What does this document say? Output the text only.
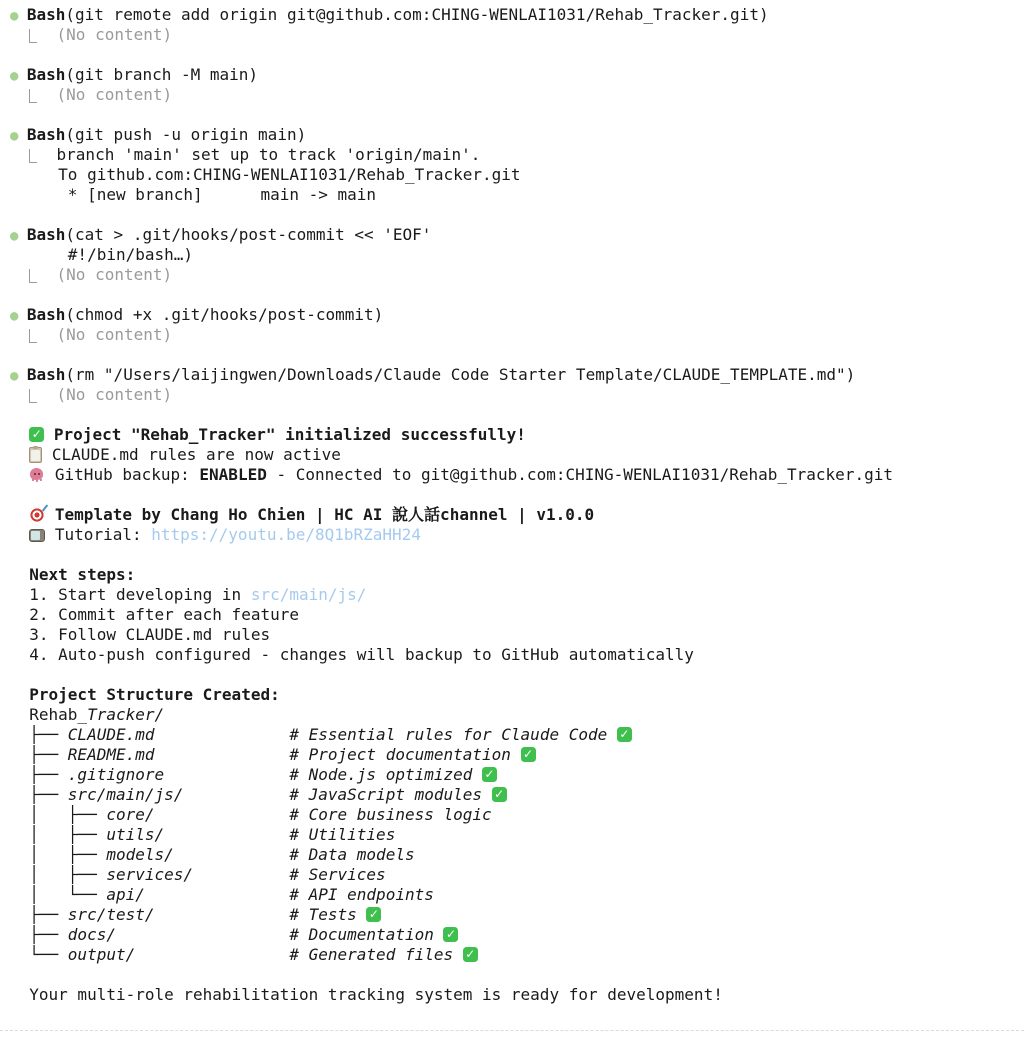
● Bash(git remote add origin git@github.com:CHING-WENLAI1031/Rehab_Tracker.git)
(No content)
● Bash(git branch -M main)
(No content)
● Bash(git push -u origin main)
branch 'main' set up to track 'origin/main'.
To github.com:CHING-WENLAI1031/Rehab_Tracker.git
* [new branch]      main -> main
● Bash(cat > .git/hooks/post-commit << 'EOF'
#!/bin/bash…)
(No content)
● Bash(chmod +x .git/hooks/post-commit)
(No content)
● Bash(rm "/Users/laijingwen/Downloads/Claude Code Starter Template/CLAUDE_TEMPLATE.md")
(No content)
✓ Project "Rehab_Tracker" initialized successfully!
CLAUDE.md rules are now active
GitHub backup: ENABLED - Connected to git@github.com:CHING-WENLAI1031/Rehab_Tracker.git
Template by Chang Ho Chien | HC AI 說人話channel | v1.0.0
Tutorial: https://youtu.be/8Q1bRZaHH24
Next steps:
1. Start developing in src/main/js/
2. Commit after each feature
3. Follow CLAUDE.md rules
4. Auto-push configured - changes will backup to GitHub automatically
Project Structure Created:
Rehab_Tracker/
├── CLAUDE.md	# Essential rules for Claude Code  ✓
├── README.md	# Project documentation  ✓
├── .gitignore	# Node.js optimized  ✓
├── src/main/js/	# JavaScript modules  ✓
│   ├── core/	# Core business logic
│   ├── utils/	# Utilities
│   ├── models/	# Data models
│   ├── services/	# Services
│   └── api/	# API endpoints
├── src/test/	# Tests  ✓
├── docs/	# Documentation  ✓
└── output/	# Generated files  ✓
Your multi-role rehabilitation tracking system is ready for development!
